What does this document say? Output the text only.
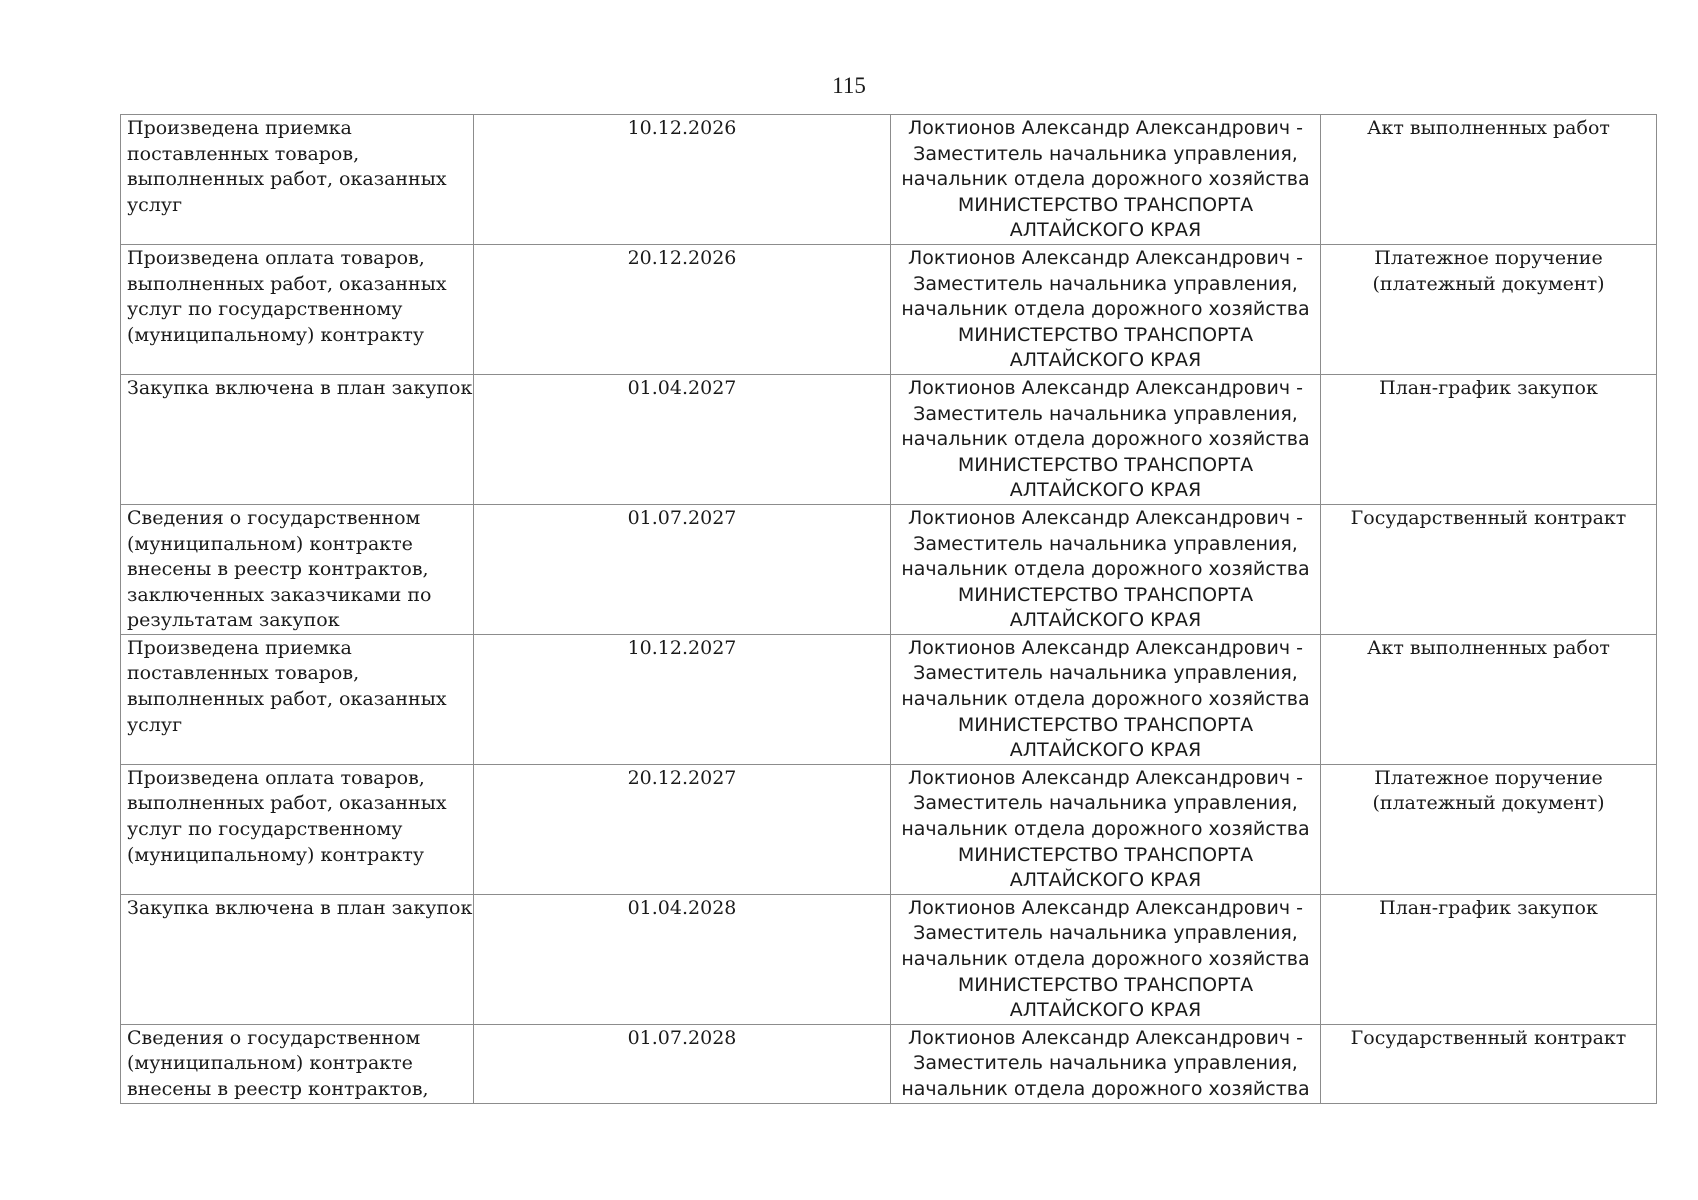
115
Произведена приемка
поставленных товаров,
выполненных работ, оказанных
услуг	10.12.2026	Локтионов Александр Александрович -
Заместитель начальника управления,
начальник отдела дорожного хозяйства
МИНИСТЕРСТВО ТРАНСПОРТА
АЛТАЙСКОГО КРАЯ	Акт выполненных работ

Произведена оплата товаров,
выполненных работ, оказанных
услуг по государственному
(муниципальному) контракту	20.12.2026	Локтионов Александр Александрович -
Заместитель начальника управления,
начальник отдела дорожного хозяйства
МИНИСТЕРСТВО ТРАНСПОРТА
АЛТАЙСКОГО КРАЯ	Платежное поручение
(платежный документ)

Закупка включена в план закупок	01.04.2027	Локтионов Александр Александрович -
Заместитель начальника управления,
начальник отдела дорожного хозяйства
МИНИСТЕРСТВО ТРАНСПОРТА
АЛТАЙСКОГО КРАЯ	План-график закупок

Сведения о государственном
(муниципальном) контракте
внесены в реестр контрактов,
заключенных заказчиками по
результатам закупок	01.07.2027	Локтионов Александр Александрович -
Заместитель начальника управления,
начальник отдела дорожного хозяйства
МИНИСТЕРСТВО ТРАНСПОРТА
АЛТАЙСКОГО КРАЯ	Государственный контракт

Произведена приемка
поставленных товаров,
выполненных работ, оказанных
услуг	10.12.2027	Локтионов Александр Александрович -
Заместитель начальника управления,
начальник отдела дорожного хозяйства
МИНИСТЕРСТВО ТРАНСПОРТА
АЛТАЙСКОГО КРАЯ	Акт выполненных работ

Произведена оплата товаров,
выполненных работ, оказанных
услуг по государственному
(муниципальному) контракту	20.12.2027	Локтионов Александр Александрович -
Заместитель начальника управления,
начальник отдела дорожного хозяйства
МИНИСТЕРСТВО ТРАНСПОРТА
АЛТАЙСКОГО КРАЯ	Платежное поручение
(платежный документ)

Закупка включена в план закупок	01.04.2028	Локтионов Александр Александрович -
Заместитель начальника управления,
начальник отдела дорожного хозяйства
МИНИСТЕРСТВО ТРАНСПОРТА
АЛТАЙСКОГО КРАЯ	План-график закупок

Сведения о государственном
(муниципальном) контракте
внесены в реестр контрактов,	01.07.2028	Локтионов Александр Александрович -
Заместитель начальника управления,
начальник отдела дорожного хозяйства	Государственный контракт
